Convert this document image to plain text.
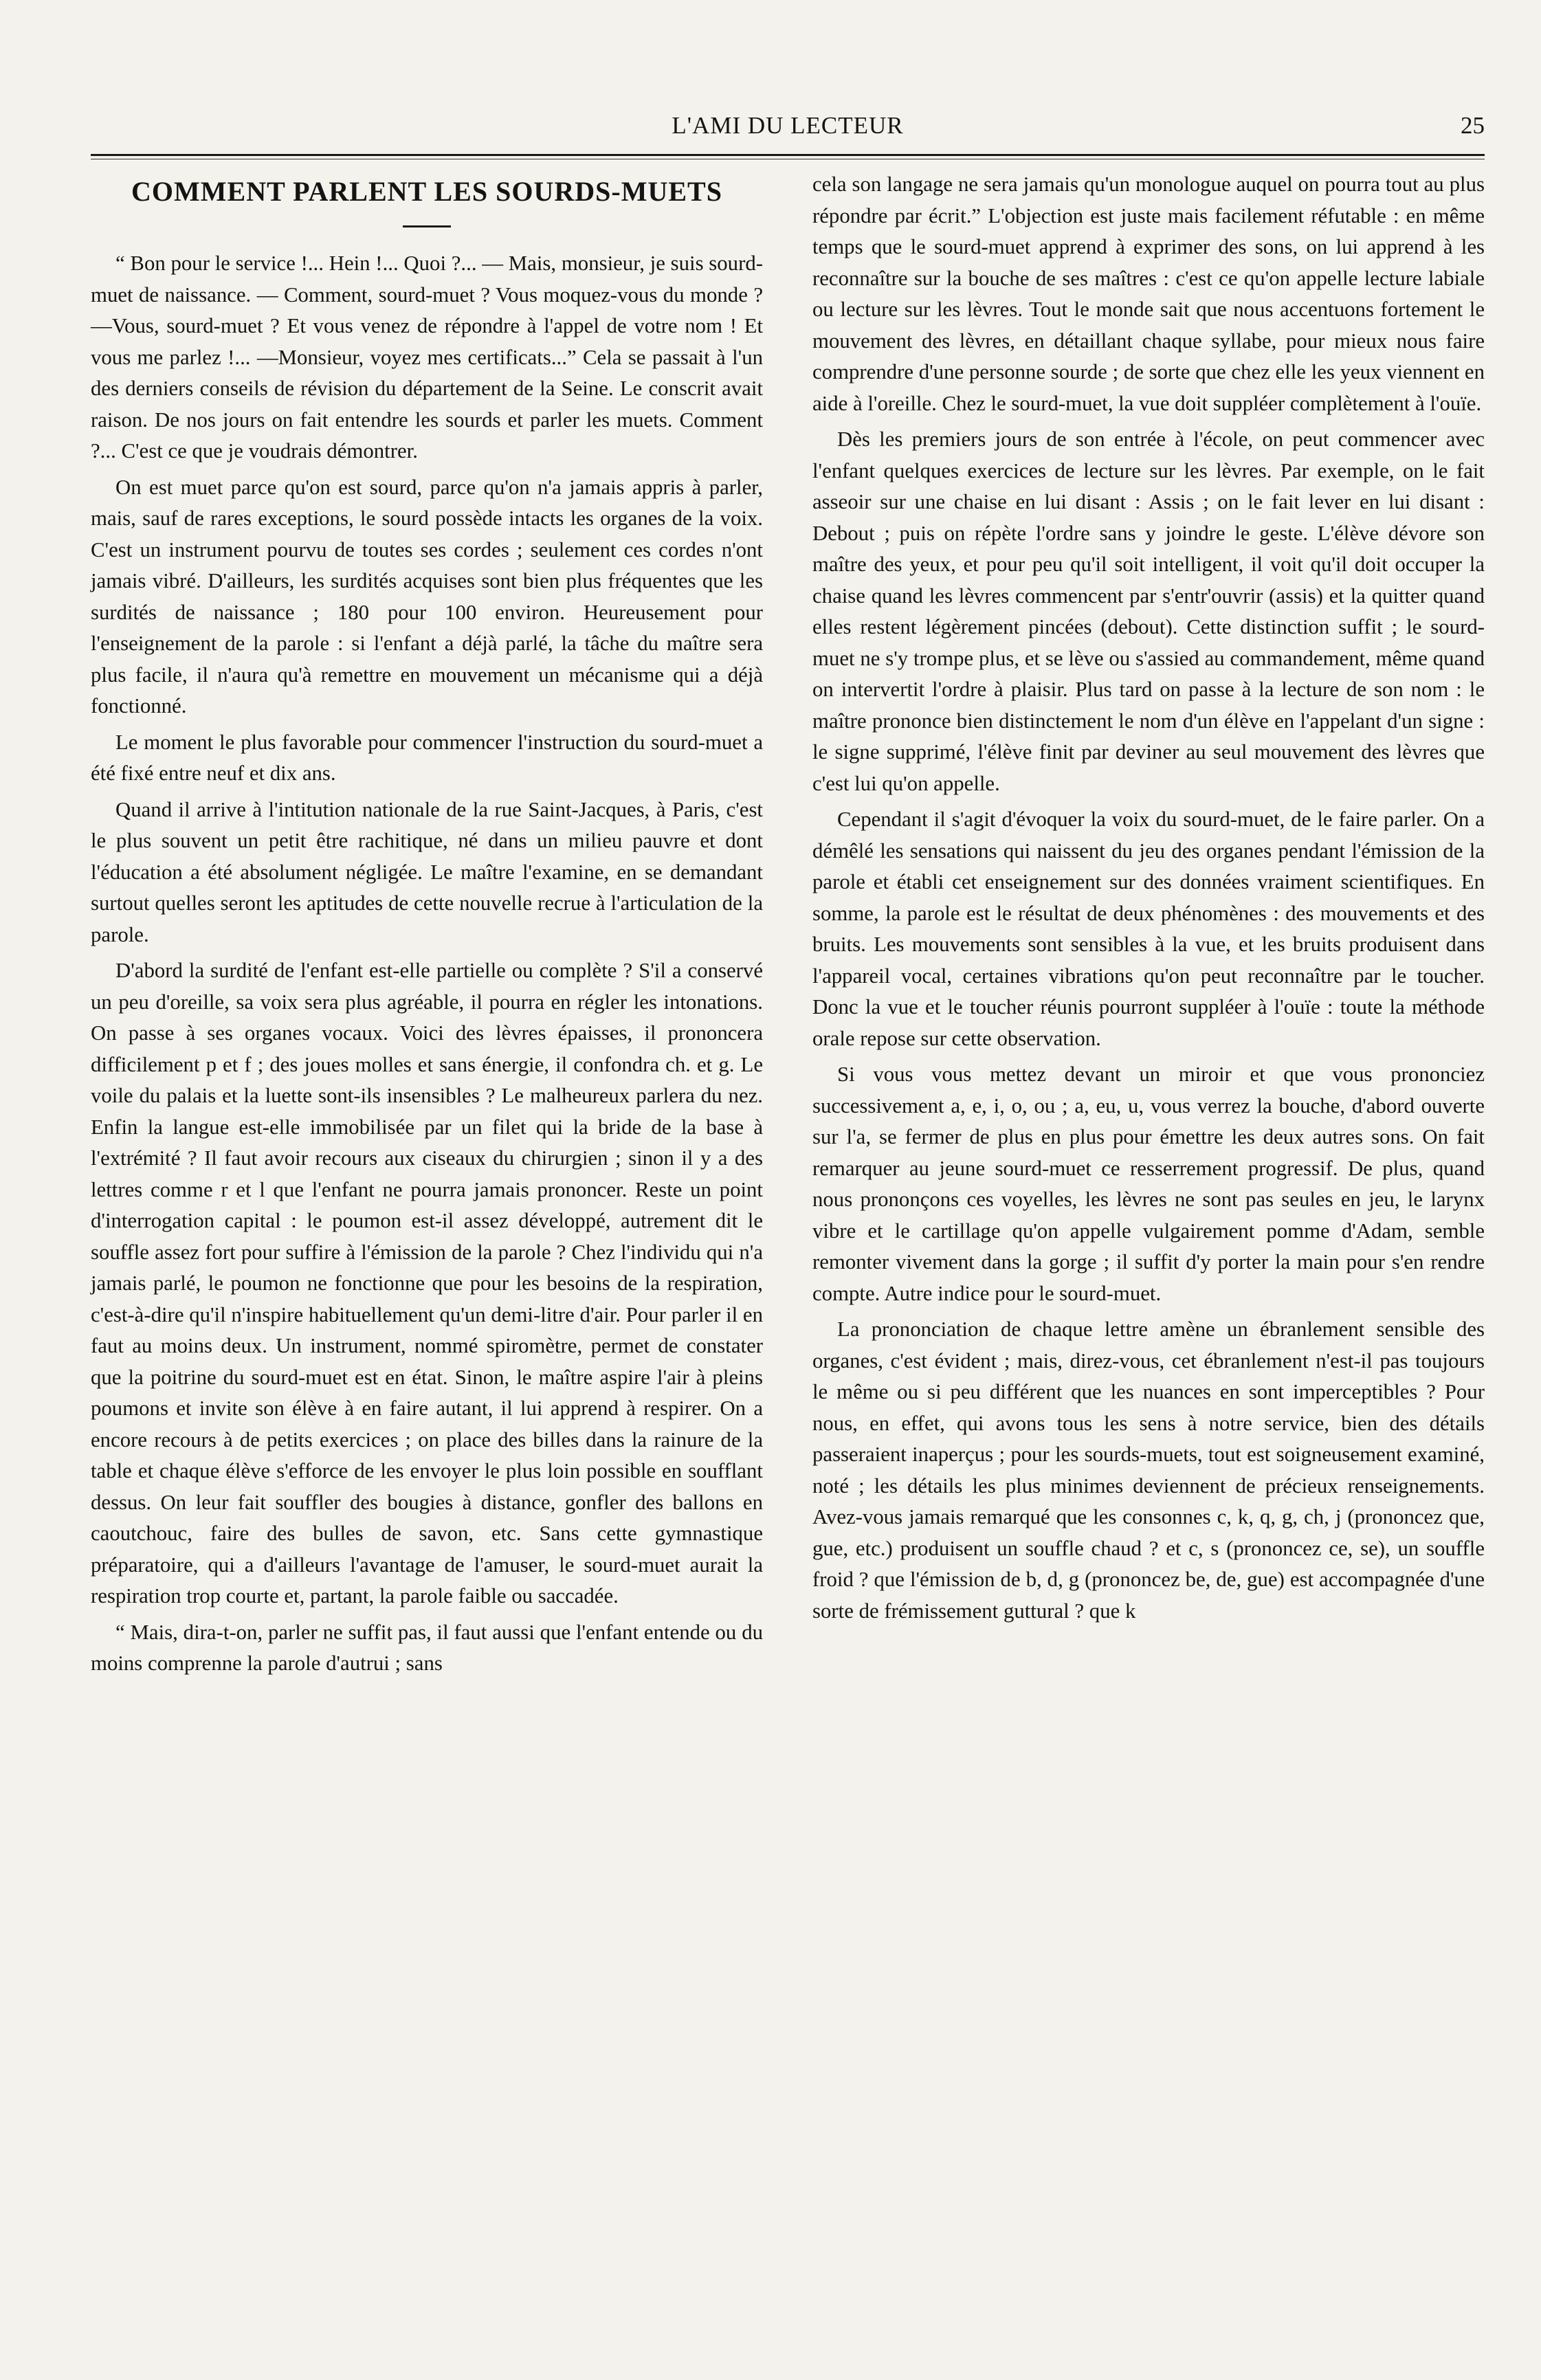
L'AMI DU LECTEUR	25
COMMENT PARLENT LES SOURDS-MUETS

“ Bon pour le service !... Hein !... Quoi ?... — Mais, monsieur, je suis sourd-muet de naissance. — Comment, sourd-muet ? Vous moquez-vous du monde ?—Vous, sourd-muet ? Et vous venez de répondre à l'appel de votre nom ! Et vous me parlez !... —Monsieur, voyez mes certificats...” Cela se passait à l'un des derniers conseils de révision du département de la Seine. Le conscrit avait raison. De nos jours on fait entendre les sourds et parler les muets. Comment ?... C'est ce que je voudrais démontrer.

On est muet parce qu'on est sourd, parce qu'on n'a jamais appris à parler, mais, sauf de rares exceptions, le sourd possède intacts les organes de la voix. C'est un instrument pourvu de toutes ses cordes ; seulement ces cordes n'ont jamais vibré. D'ailleurs, les surdités acquises sont bien plus fréquentes que les surdités de naissance ; 180 pour 100 environ. Heureusement pour l'enseignement de la parole : si l'enfant a déjà parlé, la tâche du maître sera plus facile, il n'aura qu'à remettre en mouvement un mécanisme qui a déjà fonctionné.

Le moment le plus favorable pour commencer l'instruction du sourd-muet a été fixé entre neuf et dix ans.

Quand il arrive à l'intitution nationale de la rue Saint-Jacques, à Paris, c'est le plus souvent un petit être rachitique, né dans un milieu pauvre et dont l'éducation a été absolument négligée. Le maître l'examine, en se demandant surtout quelles seront les aptitudes de cette nouvelle recrue à l'articulation de la parole.

D'abord la surdité de l'enfant est-elle partielle ou complète ? S'il a conservé un peu d'oreille, sa voix sera plus agréable, il pourra en régler les intonations. On passe à ses organes vocaux. Voici des lèvres épaisses, il prononcera difficilement p et f ; des joues molles et sans énergie, il confondra ch. et g. Le voile du palais et la luette sont-ils insensibles ? Le malheureux parlera du nez. Enfin la langue est-elle immobilisée par un filet qui la bride de la base à l'extrémité ? Il faut avoir recours aux ciseaux du chirurgien ; sinon il y a des lettres comme r et l que l'enfant ne pourra jamais prononcer. Reste un point d'interrogation capital : le poumon est-il assez développé, autrement dit le souffle assez fort pour suffire à l'émission de la parole ? Chez l'individu qui n'a jamais parlé, le poumon ne fonctionne que pour les besoins de la respiration, c'est-à-dire qu'il n'inspire habituellement qu'un demi-litre d'air. Pour parler il en faut au moins deux. Un instrument, nommé spiromètre, permet de constater que la poitrine du sourd-muet est en état. Sinon, le maître aspire l'air à pleins poumons et invite son élève à en faire autant, il lui apprend à respirer. On a encore recours à de petits exercices ; on place des billes dans la rainure de la table et chaque élève s'efforce de les envoyer le plus loin possible en soufflant dessus. On leur fait souffler des bougies à distance, gonfler des ballons en caoutchouc, faire des bulles de savon, etc. Sans cette gymnastique préparatoire, qui a d'ailleurs l'avantage de l'amuser, le sourd-muet aurait la respiration trop courte et, partant, la parole faible ou saccadée.

“ Mais, dira-t-on, parler ne suffit pas, il faut aussi que l'enfant entende ou du moins comprenne la parole d'autrui ; sans

cela son langage ne sera jamais qu'un monologue auquel on pourra tout au plus répondre par écrit.” L'objection est juste mais facilement réfutable : en même temps que le sourd-muet apprend à exprimer des sons, on lui apprend à les reconnaître sur la bouche de ses maîtres : c'est ce qu'on appelle lecture labiale ou lecture sur les lèvres. Tout le monde sait que nous accentuons fortement le mouvement des lèvres, en détaillant chaque syllabe, pour mieux nous faire comprendre d'une personne sourde ; de sorte que chez elle les yeux viennent en aide à l'oreille. Chez le sourd-muet, la vue doit suppléer complètement à l'ouïe.

Dès les premiers jours de son entrée à l'école, on peut commencer avec l'enfant quelques exercices de lecture sur les lèvres. Par exemple, on le fait asseoir sur une chaise en lui disant : Assis ; on le fait lever en lui disant : Debout ; puis on répète l'ordre sans y joindre le geste. L'élève dévore son maître des yeux, et pour peu qu'il soit intelligent, il voit qu'il doit occuper la chaise quand les lèvres commencent par s'entr'ouvrir (assis) et la quitter quand elles restent légèrement pincées (debout). Cette distinction suffit ; le sourd-muet ne s'y trompe plus, et se lève ou s'assied au commandement, même quand on intervertit l'ordre à plaisir. Plus tard on passe à la lecture de son nom : le maître prononce bien distinctement le nom d'un élève en l'appelant d'un signe : le signe supprimé, l'élève finit par deviner au seul mouvement des lèvres que c'est lui qu'on appelle.

Cependant il s'agit d'évoquer la voix du sourd-muet, de le faire parler. On a démêlé les sensations qui naissent du jeu des organes pendant l'émission de la parole et établi cet enseignement sur des données vraiment scientifiques. En somme, la parole est le résultat de deux phénomènes : des mouvements et des bruits. Les mouvements sont sensibles à la vue, et les bruits produisent dans l'appareil vocal, certaines vibrations qu'on peut reconnaître par le toucher. Donc la vue et le toucher réunis pourront suppléer à l'ouïe : toute la méthode orale repose sur cette observation.

Si vous vous mettez devant un miroir et que vous prononciez successivement a, e, i, o, ou ; a, eu, u, vous verrez la bouche, d'abord ouverte sur l'a, se fermer de plus en plus pour émettre les deux autres sons. On fait remarquer au jeune sourd-muet ce resserrement progressif. De plus, quand nous prononçons ces voyelles, les lèvres ne sont pas seules en jeu, le larynx vibre et le cartillage qu'on appelle vulgairement pomme d'Adam, semble remonter vivement dans la gorge ; il suffit d'y porter la main pour s'en rendre compte. Autre indice pour le sourd-muet.

La prononciation de chaque lettre amène un ébranlement sensible des organes, c'est évident ; mais, direz-vous, cet ébranlement n'est-il pas toujours le même ou si peu différent que les nuances en sont imperceptibles ? Pour nous, en effet, qui avons tous les sens à notre service, bien des détails passeraient inaperçus ; pour les sourds-muets, tout est soigneusement examiné, noté ; les détails les plus minimes deviennent de précieux renseignements. Avez-vous jamais remarqué que les consonnes c, k, q, g, ch, j (prononcez que, gue, etc.) produisent un souffle chaud ? et c, s (prononcez ce, se), un souffle froid ? que l'émission de b, d, g (prononcez be, de, gue) est accompagnée d'une sorte de frémissement guttural ? que k
